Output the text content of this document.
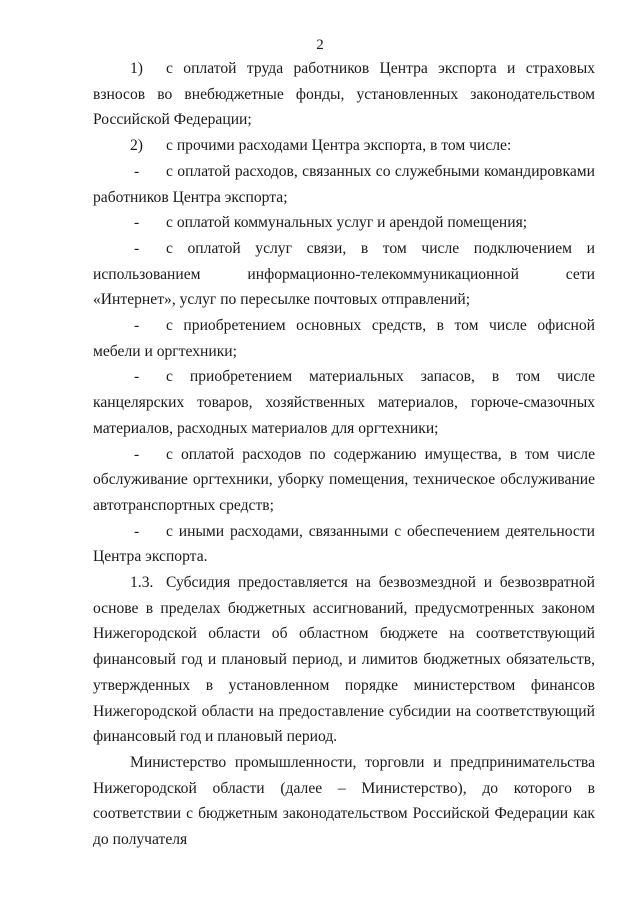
2

1) с оплатой труда работников Центра экспорта и страховых взносов во внебюджетные фонды, установленных законодательством Российской Федерации;

2) с прочими расходами Центра экспорта, в том числе:

- с оплатой расходов, связанных со служебными командировками работников Центра экспорта;

- с оплатой коммунальных услуг и арендой помещения;

- с оплатой услуг связи, в том числе подключением и использованием информационно-телекоммуникационной сети «Интернет», услуг по пересылке почтовых отправлений;

- с приобретением основных средств, в том числе офисной мебели и оргтехники;

- с приобретением материальных запасов, в том числе канцелярских товаров, хозяйственных материалов, горюче-смазочных материалов, расходных материалов для оргтехники;

- с оплатой расходов по содержанию имущества, в том числе обслуживание оргтехники, уборку помещения, техническое обслуживание автотранспортных средств;

- с иными расходами, связанными с обеспечением деятельности Центра экспорта.

1.3. Субсидия предоставляется на безвозмездной и безвозвратной основе в пределах бюджетных ассигнований, предусмотренных законом Нижегородской области об областном бюджете на соответствующий финансовый год и плановый период, и лимитов бюджетных обязательств, утвержденных в установленном порядке министерством финансов Нижегородской области на предоставление субсидии на соответствующий финансовый год и плановый период.

Министерство промышленности, торговли и предпринимательства Нижегородской области (далее – Министерство), до которого в соответствии с бюджетным законодательством Российской Федерации как до получателя
